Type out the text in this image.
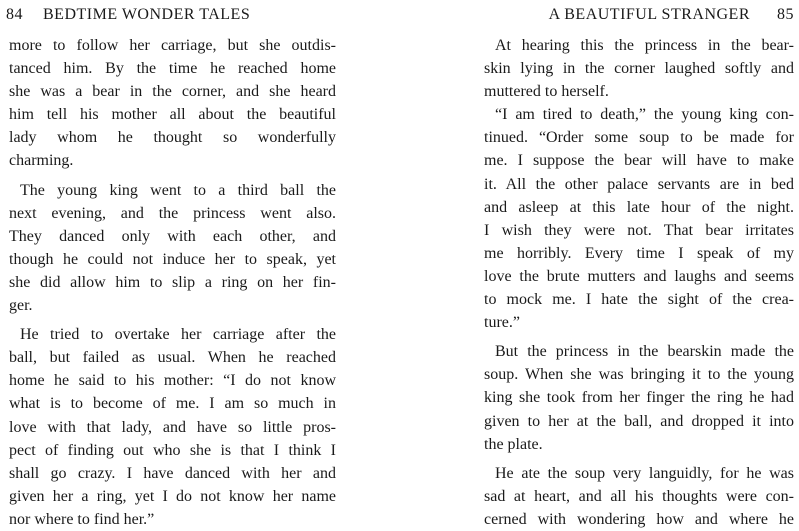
84 BEDTIME WONDER TALES
more to follow her carriage, but she outdis-
tanced him. By the time he reached home
she was a bear in the corner, and she heard
him tell his mother all about the beautiful
lady whom he thought so wonderfully
charming.
The young king went to a third ball the
next evening, and the princess went also.
They danced only with each other, and
though he could not induce her to speak, yet
she did allow him to slip a ring on her fin-
ger.
He tried to overtake her carriage after the
ball, but failed as usual. When he reached
home he said to his mother: “I do not know
what is to become of me. I am so much in
love with that lady, and have so little pros-
pect of finding out who she is that I think I
shall go crazy. I have danced with her and
given her a ring, yet I do not know her name
nor where to find her.”
A BEAUTIFUL STRANGER 85
At hearing this the princess in the bear-
skin lying in the corner laughed softly and
muttered to herself.
“I am tired to death,” the young king con-
tinued. “Order some soup to be made for
me. I suppose the bear will have to make
it. All the other palace servants are in bed
and asleep at this late hour of the night.
I wish they were not. That bear irritates
me horribly. Every time I speak of my
love the brute mutters and laughs and seems
to mock me. I hate the sight of the crea-
ture.”
But the princess in the bearskin made the
soup. When she was bringing it to the young
king she took from her finger the ring he had
given to her at the ball, and dropped it into
the plate.
He ate the soup very languidly, for he was
sad at heart, and all his thoughts were con-
cerned with wondering how and where he
